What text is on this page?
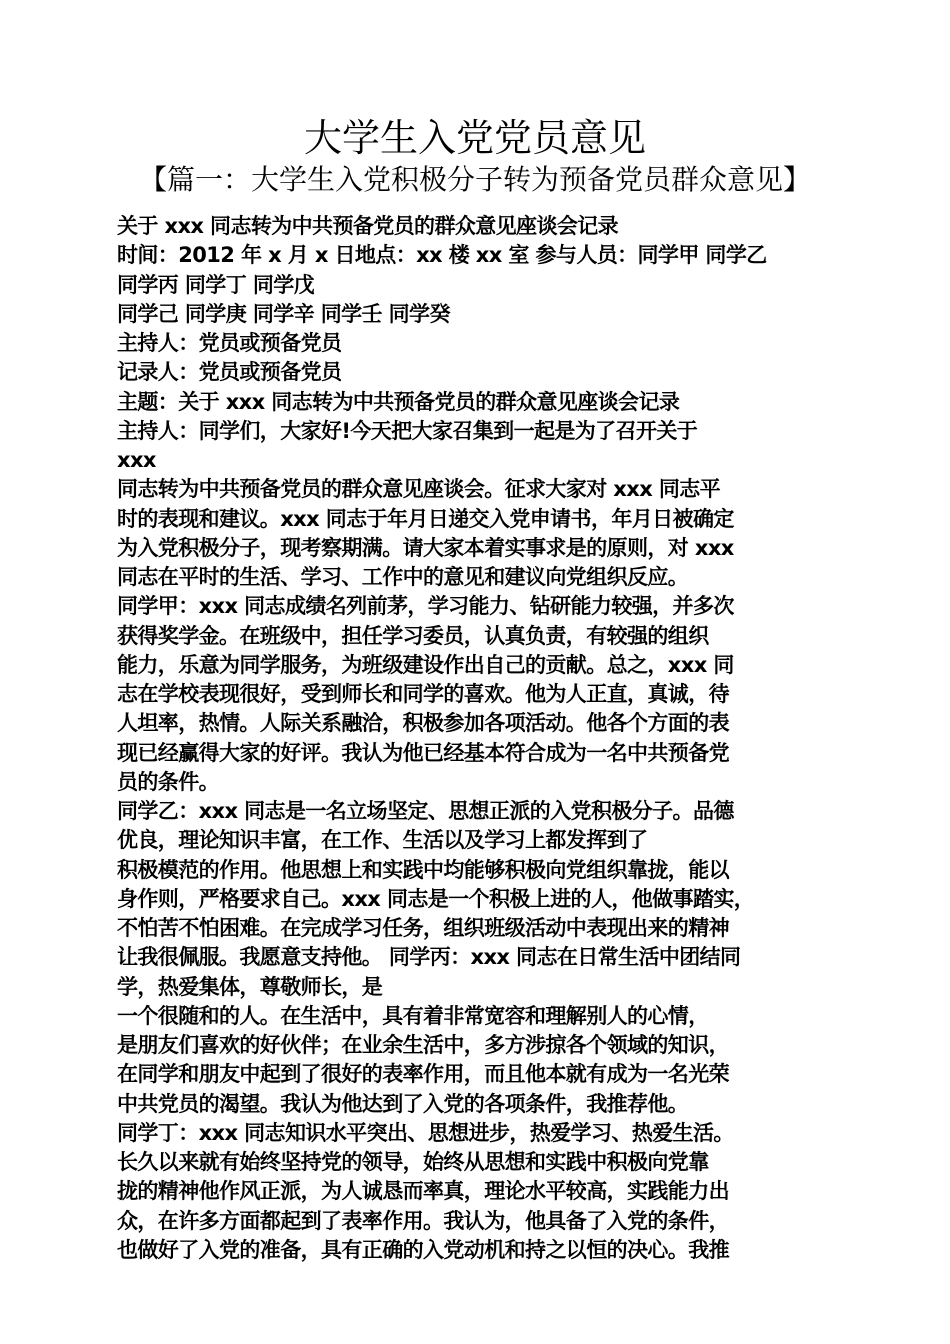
大学生入党党员意见
【篇一：大学生入党积极分子转为预备党员群众意见】
关于 xxx 同志转为中共预备党员的群众意见座谈会记录
时间：2012 年 x 月 x 日地点：xx 楼 xx 室 参与人员：同学甲 同学乙
同学丙 同学丁 同学戊
同学己 同学庚 同学辛 同学壬 同学癸
主持人：党员或预备党员
记录人：党员或预备党员
主题：关于 xxx 同志转为中共预备党员的群众意见座谈会记录
主持人：同学们，大家好!今天把大家召集到一起是为了召开关于
xxx
同志转为中共预备党员的群众意见座谈会。征求大家对 xxx 同志平
时的表现和建议。xxx 同志于年月日递交入党申请书，年月日被确定
为入党积极分子，现考察期满。请大家本着实事求是的原则，对 xxx
同志在平时的生活、学习、工作中的意见和建议向党组织反应。
同学甲：xxx 同志成绩名列前茅，学习能力、钻研能力较强，并多次
获得奖学金。在班级中，担任学习委员，认真负责，有较强的组织
能力，乐意为同学服务，为班级建设作出自己的贡献。总之，xxx 同
志在学校表现很好，受到师长和同学的喜欢。他为人正直，真诚，待
人坦率，热情。人际关系融洽，积极参加各项活动。他各个方面的表
现已经赢得大家的好评。我认为他已经基本符合成为一名中共预备党
员的条件。
同学乙：xxx 同志是一名立场坚定、思想正派的入党积极分子。品德
优良，理论知识丰富，在工作、生活以及学习上都发挥到了
积极模范的作用。他思想上和实践中均能够积极向党组织靠拢，能以
身作则，严格要求自己。xxx 同志是一个积极上进的人，他做事踏实，
不怕苦不怕困难。在完成学习任务，组织班级活动中表现出来的精神
让我很佩服。我愿意支持他。 同学丙：xxx 同志在日常生活中团结同
学，热爱集体，尊敬师长，是
一个很随和的人。在生活中，具有着非常宽容和理解别人的心情，
是朋友们喜欢的好伙伴；在业余生活中，多方涉掠各个领域的知识，
在同学和朋友中起到了很好的表率作用，而且他本就有成为一名光荣
中共党员的渴望。我认为他达到了入党的各项条件，我推荐他。
同学丁：xxx 同志知识水平突出、思想进步，热爱学习、热爱生活。
长久以来就有始终坚持党的领导，始终从思想和实践中积极向党靠
拢的精神他作风正派，为人诚恳而率真，理论水平较高，实践能力出
众，在许多方面都起到了表率作用。我认为，他具备了入党的条件，
也做好了入党的准备，具有正确的入党动机和持之以恒的决心。我推
